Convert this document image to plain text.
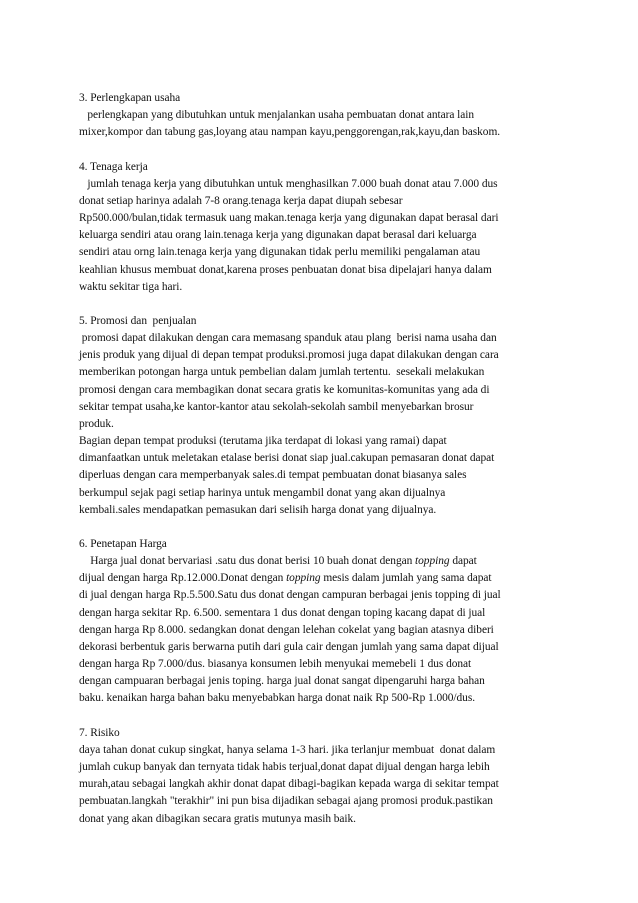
3. Perlengkapan usaha
perlengkapan yang dibutuhkan untuk menjalankan usaha pembuatan donat antara lain
mixer,kompor dan tabung gas,loyang atau nampan kayu,penggorengan,rak,kayu,dan baskom.
4. Tenaga kerja
jumlah tenaga kerja yang dibutuhkan untuk menghasilkan 7.000 buah donat atau 7.000 dus
donat setiap harinya adalah 7-8 orang.tenaga kerja dapat diupah sebesar
Rp500.000/bulan,tidak termasuk uang makan.tenaga kerja yang digunakan dapat berasal dari
keluarga sendiri atau orang lain.tenaga kerja yang digunakan dapat berasal dari keluarga
sendiri atau orng lain.tenaga kerja yang digunakan tidak perlu memiliki pengalaman atau
keahlian khusus membuat donat,karena proses penbuatan donat bisa dipelajari hanya dalam
waktu sekitar tiga hari.
5. Promosi dan  penjualan
promosi dapat dilakukan dengan cara memasang spanduk atau plang  berisi nama usaha dan
jenis produk yang dijual di depan tempat produksi.promosi juga dapat dilakukan dengan cara
memberikan potongan harga untuk pembelian dalam jumlah tertentu.  sesekali melakukan
promosi dengan cara membagikan donat secara gratis ke komunitas-komunitas yang ada di
sekitar tempat usaha,ke kantor-kantor atau sekolah-sekolah sambil menyebarkan brosur
produk.
Bagian depan tempat produksi (terutama jika terdapat di lokasi yang ramai) dapat
dimanfaatkan untuk meletakan etalase berisi donat siap jual.cakupan pemasaran donat dapat
diperluas dengan cara memperbanyak sales.di tempat pembuatan donat biasanya sales
berkumpul sejak pagi setiap harinya untuk mengambil donat yang akan dijualnya
kembali.sales mendapatkan pemasukan dari selisih harga donat yang dijualnya.
6. Penetapan Harga
Harga jual donat bervariasi .satu dus donat berisi 10 buah donat dengan topping dapat
dijual dengan harga Rp.12.000.Donat dengan topping mesis dalam jumlah yang sama dapat
di jual dengan harga Rp.5.500.Satu dus donat dengan campuran berbagai jenis topping di jual
dengan harga sekitar Rp. 6.500. sementara 1 dus donat dengan toping kacang dapat di jual
dengan harga Rp 8.000. sedangkan donat dengan lelehan cokelat yang bagian atasnya diberi
dekorasi berbentuk garis berwarna putih dari gula cair dengan jumlah yang sama dapat dijual
dengan harga Rp 7.000/dus. biasanya konsumen lebih menyukai memebeli 1 dus donat
dengan campuaran berbagai jenis toping. harga jual donat sangat dipengaruhi harga bahan
baku. kenaikan harga bahan baku menyebabkan harga donat naik Rp 500-Rp 1.000/dus.
7. Risiko
daya tahan donat cukup singkat, hanya selama 1-3 hari. jika terlanjur membuat  donat dalam
jumlah cukup banyak dan ternyata tidak habis terjual,donat dapat dijual dengan harga lebih
murah,atau sebagai langkah akhir donat dapat dibagi-bagikan kepada warga di sekitar tempat
pembuatan.langkah "terakhir" ini pun bisa dijadikan sebagai ajang promosi produk.pastikan
donat yang akan dibagikan secara gratis mutunya masih baik.
